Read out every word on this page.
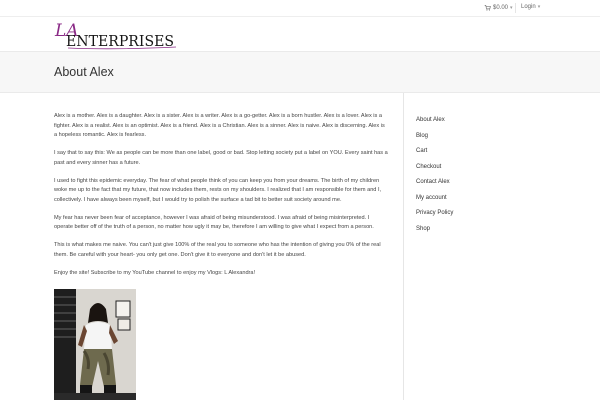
$0.00 ▾ Login ▾
LA
ENTERPRISES
About Alex

Alex is a mother. Alex is a daughter. Alex is a sister. Alex is a writer. Alex is a go-getter. Alex is a born hustler. Alex is a lover. Alex is a fighter. Alex is a realist. Alex is an optimist. Alex is a friend. Alex is a Christian. Alex is a sinner. Alex is naive. Alex is discerning. Alex is a hopeless romantic. Alex is fearless.

I say that to say this: We as people can be more than one label, good or bad. Stop letting society put a label on YOU. Every saint has a past and every sinner has a future.

I used to fight this epidemic everyday. The fear of what people think of you can keep you from your dreams. The birth of my children woke me up to the fact that my future, that now includes them, rests on my shoulders. I realized that I am responsible for them and I, collectively. I have always been myself, but I would try to polish the surface a tad bit to better suit society around me.

My fear has never been fear of acceptance, however I was afraid of being misunderstood. I was afraid of being misinterpreted. I operate better off of the truth of a person, no matter how ugly it may be, therefore I am willing to give what I expect from a person.

This is what makes me naive. You can't just give 100% of the real you to someone who has the intention of giving you 0% of the real them. Be careful with your heart- you only get one. Don't give it to everyone and don't let it be abused.

Enjoy the site! Subscribe to my YouTube channel to enjoy my Vlogs: L Alexandra!

About Alex
Blog
Cart
Checkout
Contact Alex
My account
Privacy Policy
Shop
